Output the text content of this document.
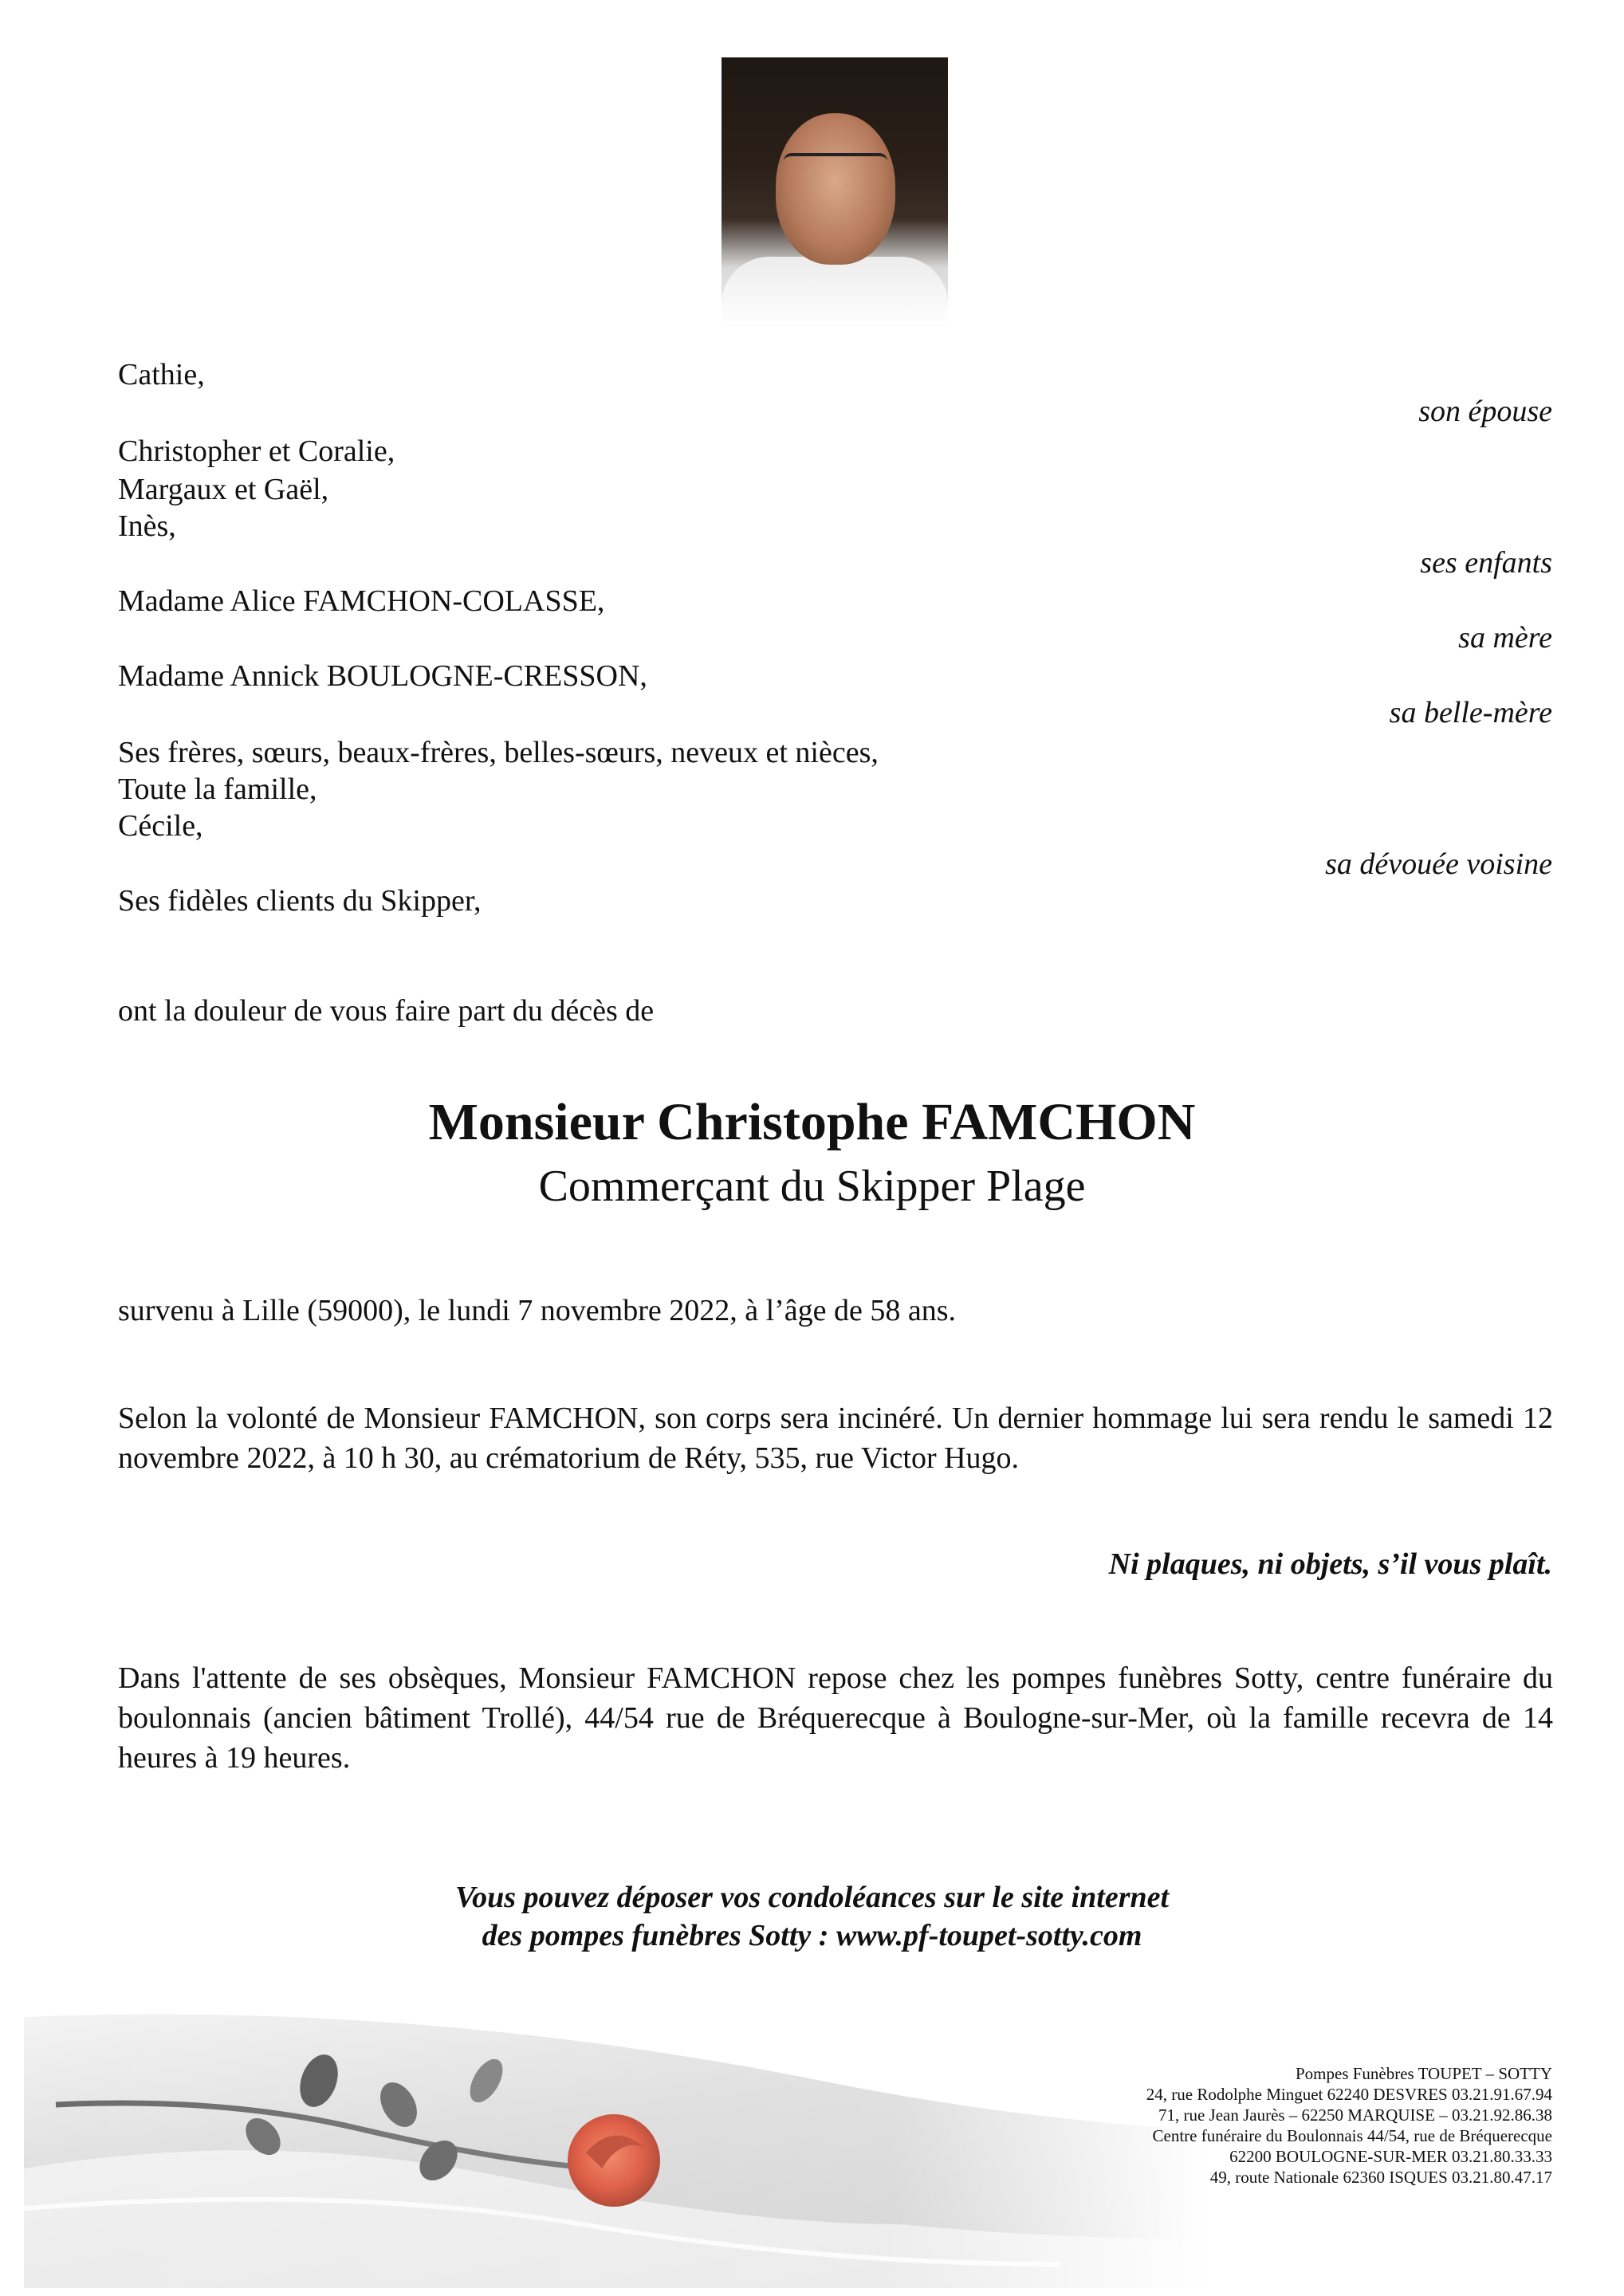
Cathie,
Christopher et Coralie,
Margaux et Gaël,
Inès,
Madame Alice FAMCHON-COLASSE,
Madame Annick BOULOGNE-CRESSON,
Ses frères, sœurs, beaux-frères, belles-sœurs, neveux et nièces,
Toute la famille,
Cécile,
Ses fidèles clients du Skipper,
son épouse
ses enfants
sa mère
sa belle-mère
sa dévouée voisine
ont la douleur de vous faire part du décès de
Monsieur Christophe FAMCHON
Commerçant du Skipper Plage
survenu à Lille (59000), le lundi 7 novembre 2022, à l’âge de 58 ans.
Selon la volonté de Monsieur FAMCHON, son corps sera incinéré. Un dernier hommage lui sera rendu le samedi 12 novembre 2022, à 10 h 30, au crématorium de Réty, 535, rue Victor Hugo.
Ni plaques, ni objets, s’il vous plaît.
Dans l'attente de ses obsèques, Monsieur FAMCHON repose chez les pompes funèbres Sotty, centre funéraire du boulonnais (ancien bâtiment Trollé), 44/54 rue de Bréquerecque à Boulogne-sur-Mer, où la famille recevra de 14 heures à 19 heures.
Vous pouvez déposer vos condoléances sur le site internet
des pompes funèbres Sotty : www.pf-toupet-sotty.com
Pompes Funèbres TOUPET – SOTTY
24, rue Rodolphe Minguet 62240 DESVRES 03.21.91.67.94
71, rue Jean Jaurès – 62250 MARQUISE – 03.21.92.86.38
Centre funéraire du Boulonnais 44/54, rue de Bréquerecque
62200 BOULOGNE-SUR-MER 03.21.80.33.33
49, route Nationale 62360 ISQUES 03.21.80.47.17
